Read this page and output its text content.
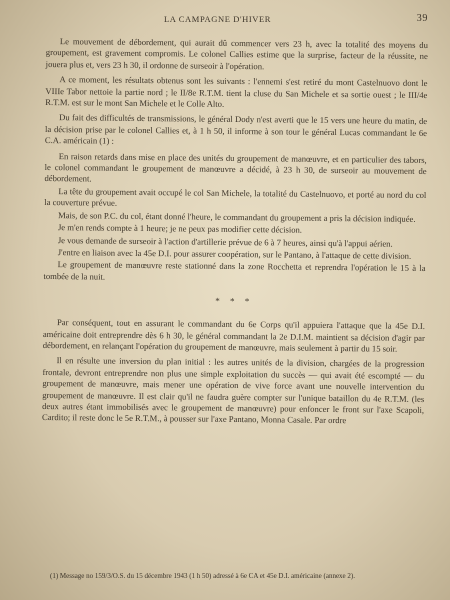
LA CAMPAGNE D'HIVER	39

Le mouvement de débordement, qui aurait dû commencer vers 23 h, avec la totalité des moyens du groupement, est gravement compromis. Le colonel Callies estime que la surprise, facteur de la réussite, ne jouera plus et, vers 23 h 30, il ordonne de surseoir à l'opération.

A ce moment, les résultats obtenus sont les suivants : l'ennemi s'est retiré du mont Castelnuovo dont le VIIIe Tabor nettoie la partie nord ; le II/8e R.T.M. tient la cluse du San Michele et sa sortie ouest ; le III/4e R.T.M. est sur le mont San Michele et le Colle Alto.

Du fait des difficultés de transmissions, le général Dody n'est averti que le 15 vers une heure du matin, de la décision prise par le colonel Callies et, à 1 h 50, il informe à son tour le général Lucas commandant le 6e C.A. américain (1) :

En raison retards dans mise en place des unités du groupement de manœuvre, et en particulier des tabors, le colonel commandant le groupement de manœuvre a décidé, à 23 h 30, de surseoir au mouvement de débordement.

La tête du groupement avait occupé le col San Michele, la totalité du Castelnuovo, et porté au nord du col la couverture prévue.

Mais, de son P.C. du col, étant donné l'heure, le commandant du groupement a pris la décision indiquée.

Je m'en rends compte à 1 heure; je ne peux pas modifier cette décision.

Je vous demande de surseoir à l'action d'artillerie prévue de 6 à 7 heures, ainsi qu'à l'appui aérien.

J'entre en liaison avec la 45e D.I. pour assurer coopération, sur le Pantano, à l'attaque de cette division.

Le groupement de manœuvre reste stationné dans la zone Rocchetta et reprendra l'opération le 15 à la tombée de la nuit.

* * *

Par conséquent, tout en assurant le commandant du 6e Corps qu'il appuiera l'attaque que la 45e D.I. américaine doit entreprendre dès 6 h 30, le général commandant la 2e D.I.M. maintient sa décision d'agir par débordement, en relançant l'opération du groupement de manœuvre, mais seulement à partir du 15 soir.

Il en résulte une inversion du plan initial : les autres unités de la division, chargées de la progression frontale, devront entreprendre non plus une simple exploitation du succès — qui avait été escompté — du groupement de manœuvre, mais mener une opération de vive force avant une nouvelle intervention du groupement de manœuvre. Il est clair qu'il ne faudra guère compter sur l'unique bataillon du 4e R.T.M. (les deux autres étant immobilisés avec le groupement de manœuvre) pour enfoncer le front sur l'axe Scapoli, Cardito; il reste donc le 5e R.T.M., à pousser sur l'axe Pantano, Monna Casale. Par ordre

(1) Message no 159/3/O.S. du 15 décembre 1943 (1 h 50) adressé à 6e CA et 45e D.I. américaine (annexe 2).
